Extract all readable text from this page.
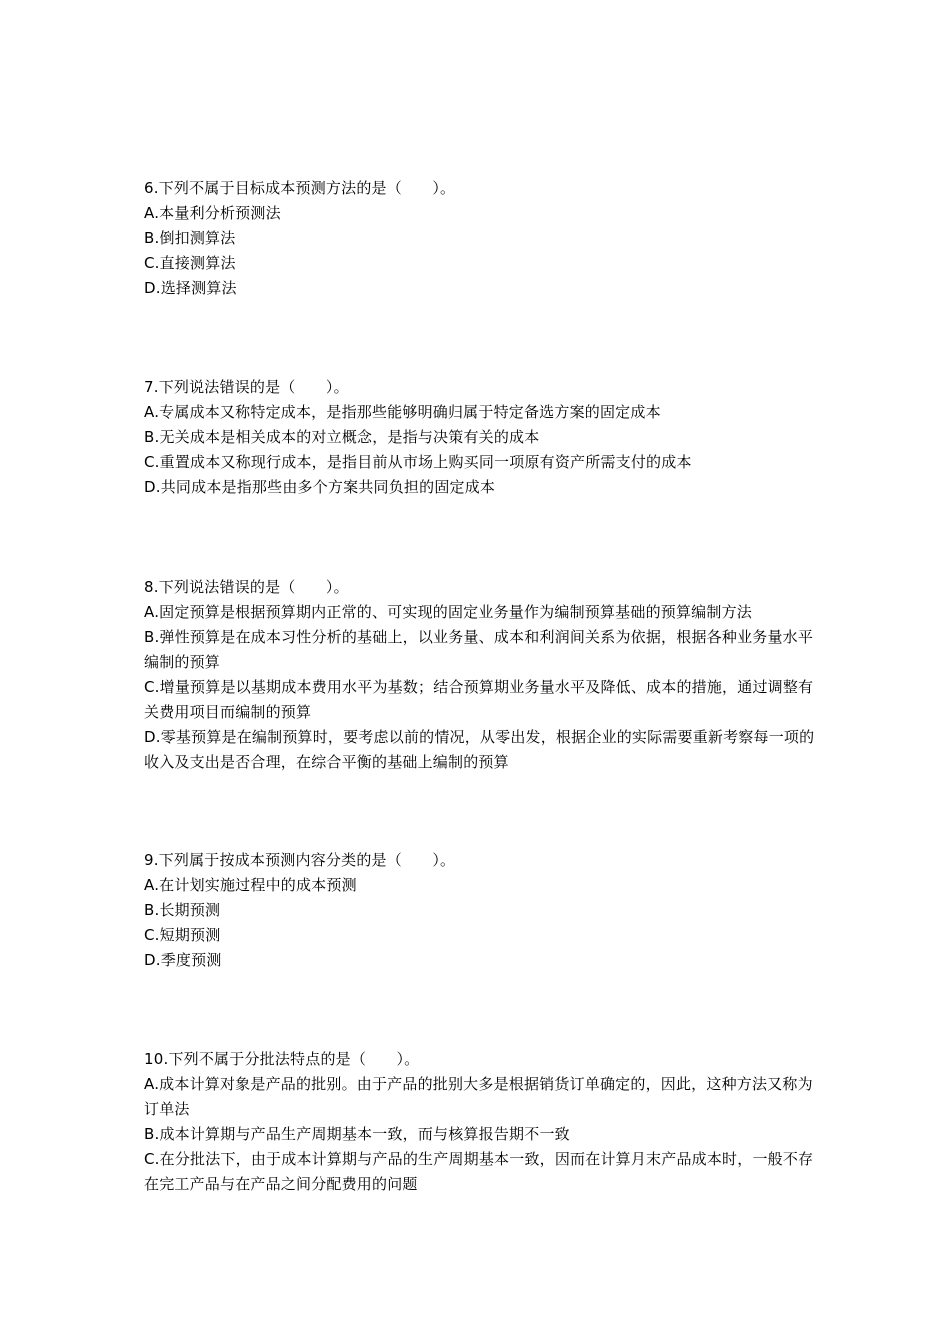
6.下列不属于目标成本预测方法的是（　　）。
A.本量利分析预测法
B.倒扣测算法
C.直接测算法
D.选择测算法
7.下列说法错误的是（　　）。
A.专属成本又称特定成本，是指那些能够明确归属于特定备选方案的固定成本
B.无关成本是相关成本的对立概念，是指与决策有关的成本
C.重置成本又称现行成本，是指目前从市场上购买同一项原有资产所需支付的成本
D.共同成本是指那些由多个方案共同负担的固定成本
8.下列说法错误的是（　　）。
A.固定预算是根据预算期内正常的、可实现的固定业务量作为编制预算基础的预算编制方法
B.弹性预算是在成本习性分析的基础上，以业务量、成本和利润间关系为依据，根据各种业务量水平编制的预算
C.增量预算是以基期成本费用水平为基数；结合预算期业务量水平及降低、成本的措施，通过调整有关费用项目而编制的预算
D.零基预算是在编制预算时，要考虑以前的情况，从零出发，根据企业的实际需要重新考察每一项的收入及支出是否合理，在综合平衡的基础上编制的预算
9.下列属于按成本预测内容分类的是（　　）。
A.在计划实施过程中的成本预测
B.长期预测
C.短期预测
D.季度预测
10.下列不属于分批法特点的是（　　）。
A.成本计算对象是产品的批别。由于产品的批别大多是根据销货订单确定的，因此，这种方法又称为订单法
B.成本计算期与产品生产周期基本一致，而与核算报告期不一致
C.在分批法下，由于成本计算期与产品的生产周期基本一致，因而在计算月末产品成本时，一般不存在完工产品与在产品之间分配费用的问题
